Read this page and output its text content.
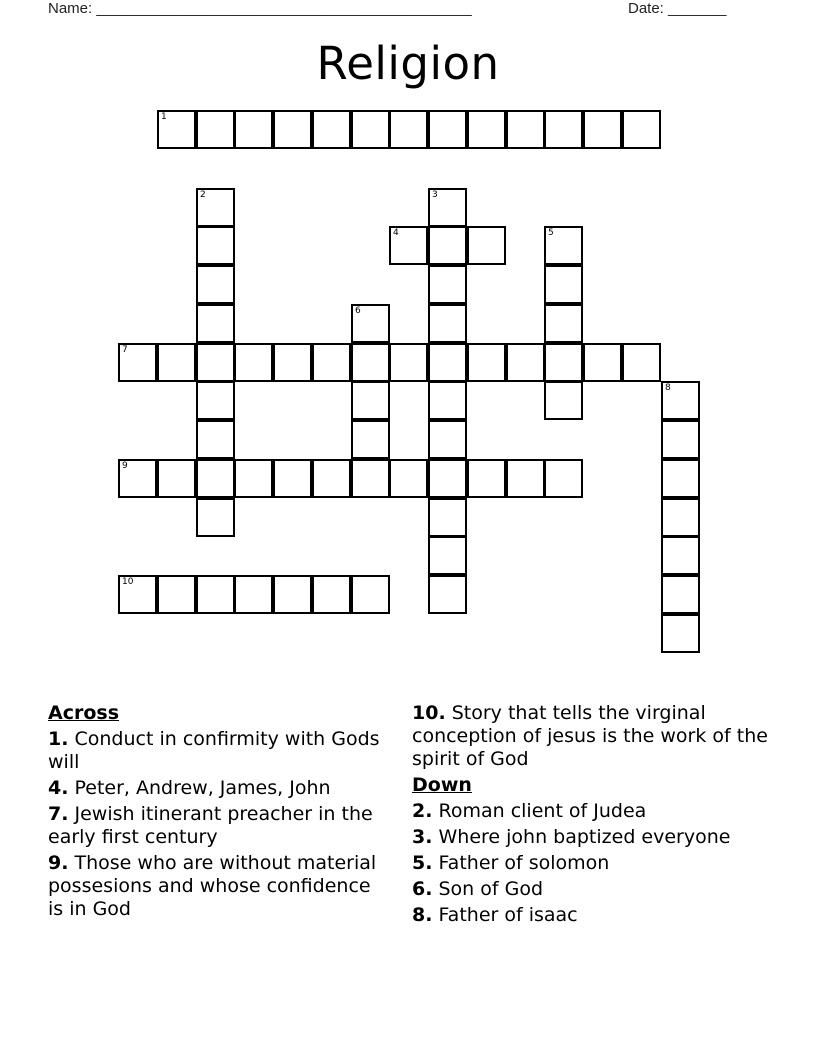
Name: _____________________________________________	Date: _______
Religion
1
2	3
4	5
6
7
8
9
10

Across

1. Conduct in confirmity with Gods will

4. Peter, Andrew, James, John

7. Jewish itinerant preacher in the early first century

9. Those who are without material possesions and whose confidence is in God

10. Story that tells the virginal conception of jesus is the work of the spirit of God

Down

2. Roman client of Judea

3. Where john baptized everyone

5. Father of solomon

6. Son of God

8. Father of isaac
